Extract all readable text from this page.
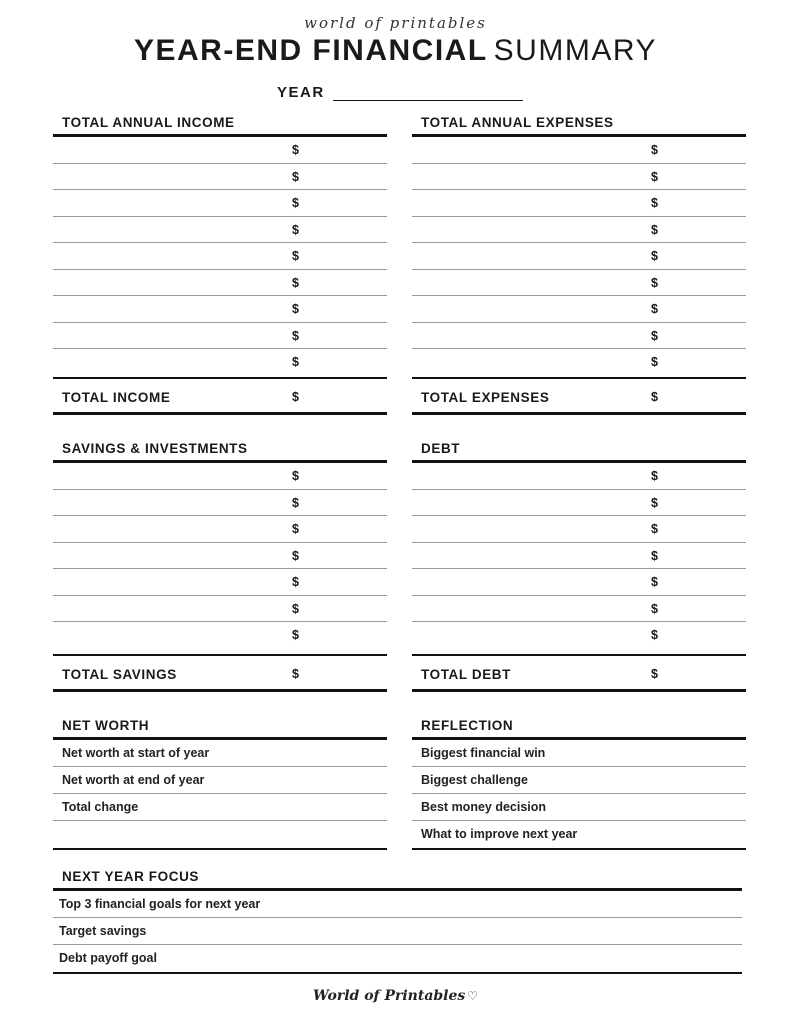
world of printables
YEAR-END FINANCIAL SUMMARY
YEAR
TOTAL ANNUAL INCOME
$
$
$
$
$
$
$
$
$
TOTAL INCOME	$
TOTAL ANNUAL EXPENSES
$
$
$
$
$
$
$
$
$
TOTAL EXPENSES	$
SAVINGS & INVESTMENTS
$
$
$
$
$
$
$
TOTAL SAVINGS	$
DEBT
$
$
$
$
$
$
$
TOTAL DEBT	$
NET WORTH
Net worth at start of year
Net worth at end of year
Total change
REFLECTION
Biggest financial win
Biggest challenge
Best money decision
What to improve next year
NEXT YEAR FOCUS
Top 3 financial goals for next year
Target savings
Debt payoff goal
World of Printables ♡
